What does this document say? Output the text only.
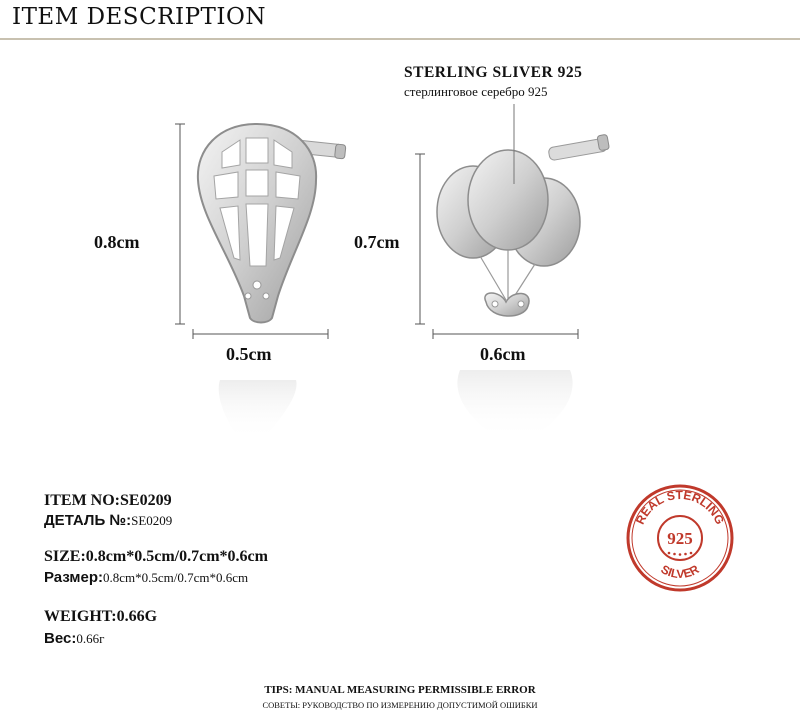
ITEM DESCRIPTION
STERLING SLIVER 925
стерлинговое серебро 925
0.8cm
0.5cm
0.7cm
0.6cm
ITEM NO:SE0209
ДЕТАЛЬ №:SE0209
SIZE:0.8cm*0.5cm/0.7cm*0.6cm
Размер:0.8cm*0.5cm/0.7cm*0.6cm
WEIGHT:0.66G
Вес:0.66г
REAL STERLING
SILVER
925
TIPS: MANUAL MEASURING PERMISSIBLE ERROR
СОВЕТЫ: РУКОВОДСТВО ПО ИЗМЕРЕНИЮ ДОПУСТИМОЙ ОШИБКИ
